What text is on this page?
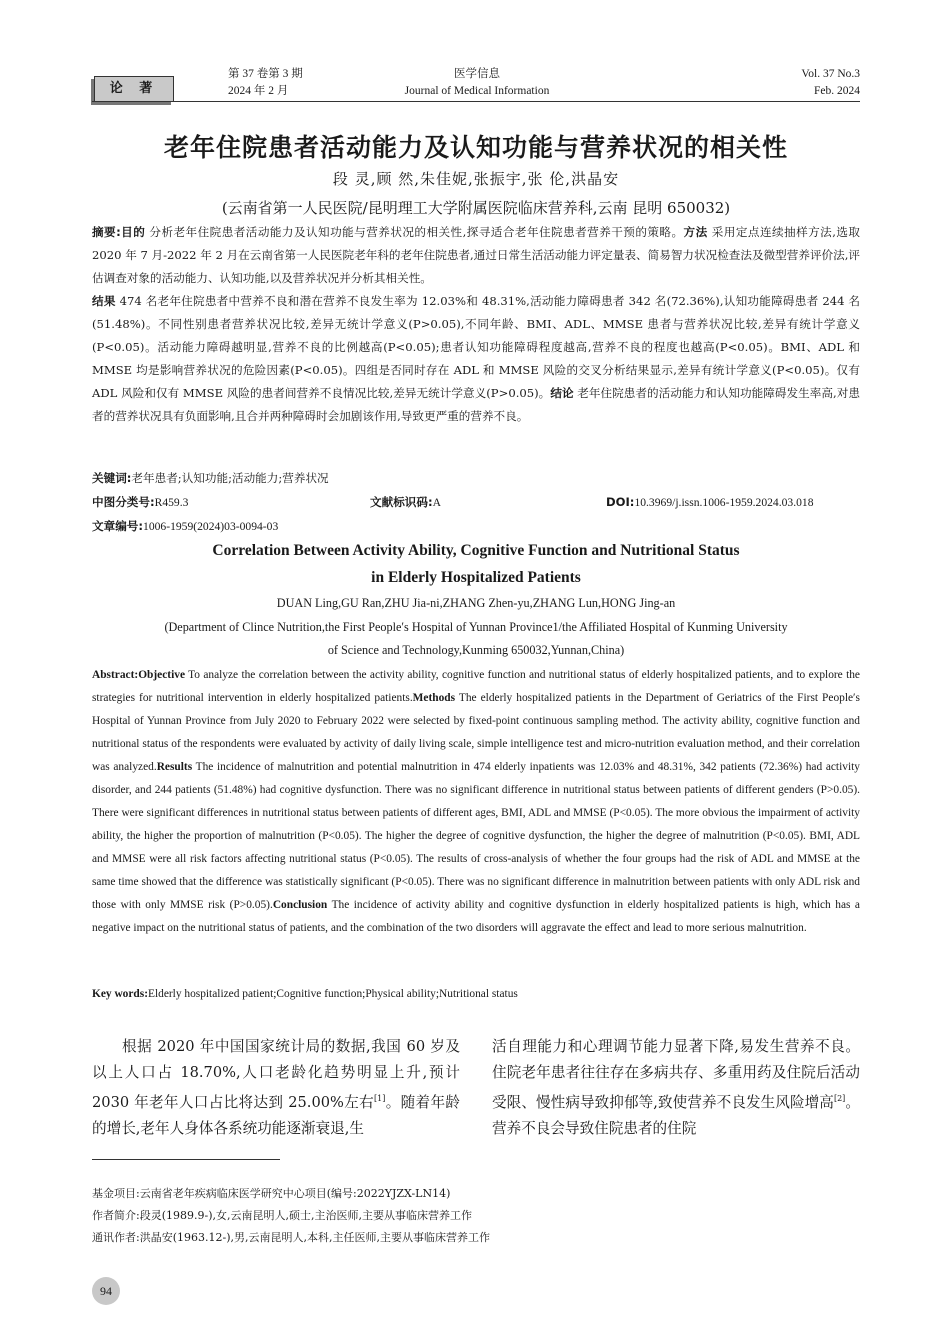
论 著
第 37 卷第 3 期
2024 年 2 月
医学信息
Journal of Medical Information
Vol. 37 No.3
Feb. 2024
老年住院患者活动能力及认知功能与营养状况的相关性
段 灵,顾 然,朱佳妮,张振宇,张 伦,洪晶安
(云南省第一人民医院/昆明理工大学附属医院临床营养科,云南 昆明 650032)
摘要:目的 分析老年住院患者活动能力及认知功能与营养状况的相关性,探寻适合老年住院患者营养干预的策略。方法 采用定点连续抽样方法,选取 2020 年 7 月-2022 年 2 月在云南省第一人民医院老年科的老年住院患者,通过日常生活活动能力评定量表、简易智力状况检查法及微型营养评价法,评估调查对象的活动能力、认知功能,以及营养状况并分析其相关性。
结果 474 名老年住院患者中营养不良和潜在营养不良发生率为 12.03%和 48.31%,活动能力障碍患者 342 名(72.36%),认知功能障碍患者 244 名(51.48%)。不同性别患者营养状况比较,差异无统计学意义(P>0.05),不同年龄、BMI、ADL、MMSE 患者与营养状况比较,差异有统计学意义(P<0.05)。活动能力障碍越明显,营养不良的比例越高(P<0.05);患者认知功能障碍程度越高,营养不良的程度也越高(P<0.05)。BMI、ADL 和 MMSE 均是影响营养状况的危险因素(P<0.05)。四组是否同时存在 ADL 和 MMSE 风险的交叉分析结果显示,差异有统计学意义(P<0.05)。仅有 ADL 风险和仅有 MMSE 风险的患者间营养不良情况比较,差异无统计学意义(P>0.05)。结论 老年住院患者的活动能力和认知功能障碍发生率高,对患者的营养状况具有负面影响,且合并两种障碍时会加剧该作用,导致更严重的营养不良。
关键词:老年患者;认知功能;活动能力;营养状况
中图分类号:R459.3	文献标识码:A	DOI:10.3969/j.issn.1006-1959.2024.03.018
文章编号:1006-1959(2024)03-0094-03
Correlation Between Activity Ability, Cognitive Function and Nutritional Status
in Elderly Hospitalized Patients
DUAN Ling,GU Ran,ZHU Jia-ni,ZHANG Zhen-yu,ZHANG Lun,HONG Jing-an
(Department of Clince Nutrition,the First People′s Hospital of Yunnan Province1/the Affiliated Hospital of Kunming University
of Science and Technology,Kunming 650032,Yunnan,China)
Abstract:Objective To analyze the correlation between the activity ability, cognitive function and nutritional status of elderly hospitalized patients, and to explore the strategies for nutritional intervention in elderly hospitalized patients.Methods The elderly hospitalized patients in the Department of Geriatrics of the First People′s Hospital of Yunnan Province from July 2020 to February 2022 were selected by fixed-point continuous sampling method. The activity ability, cognitive function and nutritional status of the respondents were evaluated by activity of daily living scale, simple intelligence test and micro-nutrition evaluation method, and their correlation was analyzed.Results The incidence of malnutrition and potential malnutrition in 474 elderly inpatients was 12.03% and 48.31%, 342 patients (72.36%) had activity disorder, and 244 patients (51.48%) had cognitive dysfunction. There was no significant difference in nutritional status between patients of different genders (P>0.05). There were significant differences in nutritional status between patients of different ages, BMI, ADL and MMSE (P<0.05). The more obvious the impairment of activity ability, the higher the proportion of malnutrition (P<0.05). The higher the degree of cognitive dysfunction, the higher the degree of malnutrition (P<0.05). BMI, ADL and MMSE were all risk factors affecting nutritional status (P<0.05). The results of cross-analysis of whether the four groups had the risk of ADL and MMSE at the same time showed that the difference was statistically significant (P<0.05). There was no significant difference in malnutrition between patients with only ADL risk and those with only MMSE risk (P>0.05).Conclusion The incidence of activity ability and cognitive dysfunction in elderly hospitalized patients is high, which has a negative impact on the nutritional status of patients, and the combination of the two disorders will aggravate the effect and lead to more serious malnutrition.
Key words:Elderly hospitalized patient;Cognitive function;Physical ability;Nutritional status
根据 2020 年中国国家统计局的数据,我国 60 岁及以上人口占 18.70%,人口老龄化趋势明显上升,预计 2030 年老年人口占比将达到 25.00%左右[1]。随着年龄的增长,老年人身体各系统功能逐渐衰退,生
活自理能力和心理调节能力显著下降,易发生营养不良。住院老年患者往往存在多病共存、多重用药及住院后活动受限、慢性病导致抑郁等,致使营养不良发生风险增高[2]。营养不良会导致住院患者的住院
基金项目:云南省老年疾病临床医学研究中心项目(编号:2022YJZX-LN14)
作者简介:段灵(1989.9-),女,云南昆明人,硕士,主治医师,主要从事临床营养工作
通讯作者:洪晶安(1963.12-),男,云南昆明人,本科,主任医师,主要从事临床营养工作
94
